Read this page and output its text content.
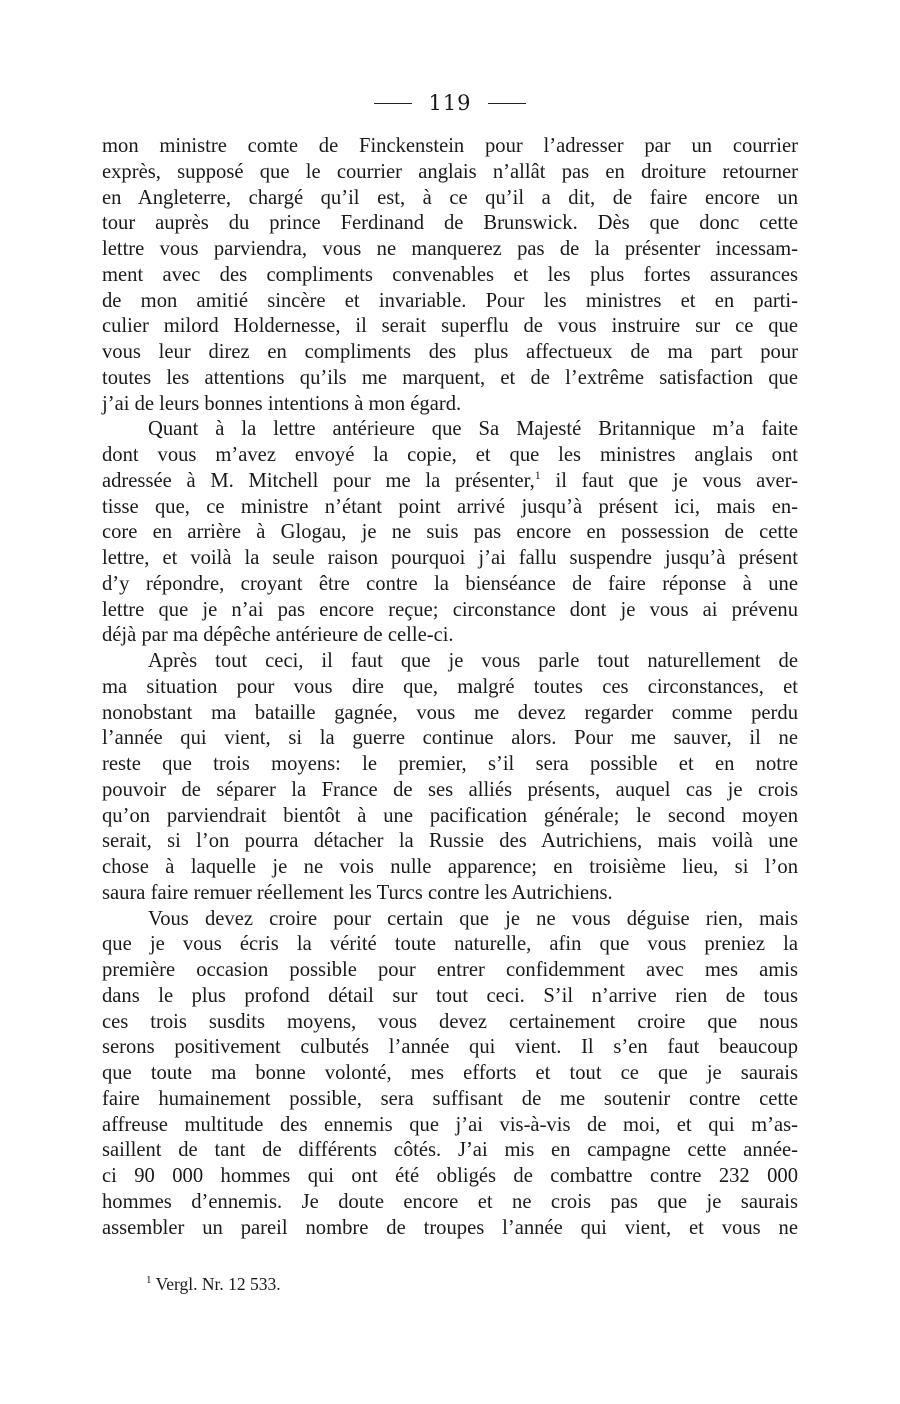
119
mon ministre comte de Finckenstein pour l’adresser par un courrier
exprès, supposé que le courrier anglais n’allât pas en droiture retourner
en Angleterre, chargé qu’il est, à ce qu’il a dit, de faire encore un
tour auprès du prince Ferdinand de Brunswick. Dès que donc cette
lettre vous parviendra, vous ne manquerez pas de la présenter incessam-
ment avec des compliments convenables et les plus fortes assurances
de mon amitié sincère et invariable. Pour les ministres et en parti-
culier milord Holdernesse, il serait superflu de vous instruire sur ce que
vous leur direz en compliments des plus affectueux de ma part pour
toutes les attentions qu’ils me marquent, et de l’extrême satisfaction que
j’ai de leurs bonnes intentions à mon égard.
Quant à la lettre antérieure que Sa Majesté Britannique m’a faite
dont vous m’avez envoyé la copie, et que les ministres anglais ont
adressée à M. Mitchell pour me la présenter,$^1$ il faut que je vous aver-
tisse que, ce ministre n’étant point arrivé jusqu’à présent ici, mais en-
core en arrière à Glogau, je ne suis pas encore en possession de cette
lettre, et voilà la seule raison pourquoi j’ai fallu suspendre jusqu’à présent
d’y répondre, croyant être contre la bienséance de faire réponse à une
lettre que je n’ai pas encore reçue; circonstance dont je vous ai prévenu
déjà par ma dépêche antérieure de celle-ci.
Après tout ceci, il faut que je vous parle tout naturellement de
ma situation pour vous dire que, malgré toutes ces circonstances, et
nonobstant ma bataille gagnée, vous me devez regarder comme perdu
l’année qui vient, si la guerre continue alors. Pour me sauver, il ne
reste que trois moyens: le premier, s’il sera possible et en notre
pouvoir de séparer la France de ses alliés présents, auquel cas je crois
qu’on parviendrait bientôt à une pacification générale; le second moyen
serait, si l’on pourra détacher la Russie des Autrichiens, mais voilà une
chose à laquelle je ne vois nulle apparence; en troisième lieu, si l’on
saura faire remuer réellement les Turcs contre les Autrichiens.
Vous devez croire pour certain que je ne vous déguise rien, mais
que je vous écris la vérité toute naturelle, afin que vous preniez la
première occasion possible pour entrer confidemment avec mes amis
dans le plus profond détail sur tout ceci. S’il n’arrive rien de tous
ces trois susdits moyens, vous devez certainement croire que nous
serons positivement culbutés l’année qui vient. Il s’en faut beaucoup
que toute ma bonne volonté, mes efforts et tout ce que je saurais
faire humainement possible, sera suffisant de me soutenir contre cette
affreuse multitude des ennemis que j’ai vis-à-vis de moi, et qui m’as-
saillent de tant de différents côtés. J’ai mis en campagne cette année-
ci 90 000 hommes qui ont été obligés de combattre contre 232 000
hommes d’ennemis. Je doute encore et ne crois pas que je saurais
assembler un pareil nombre de troupes l’année qui vient, et vous ne
$^1$ Vergl. Nr. 12 533.
